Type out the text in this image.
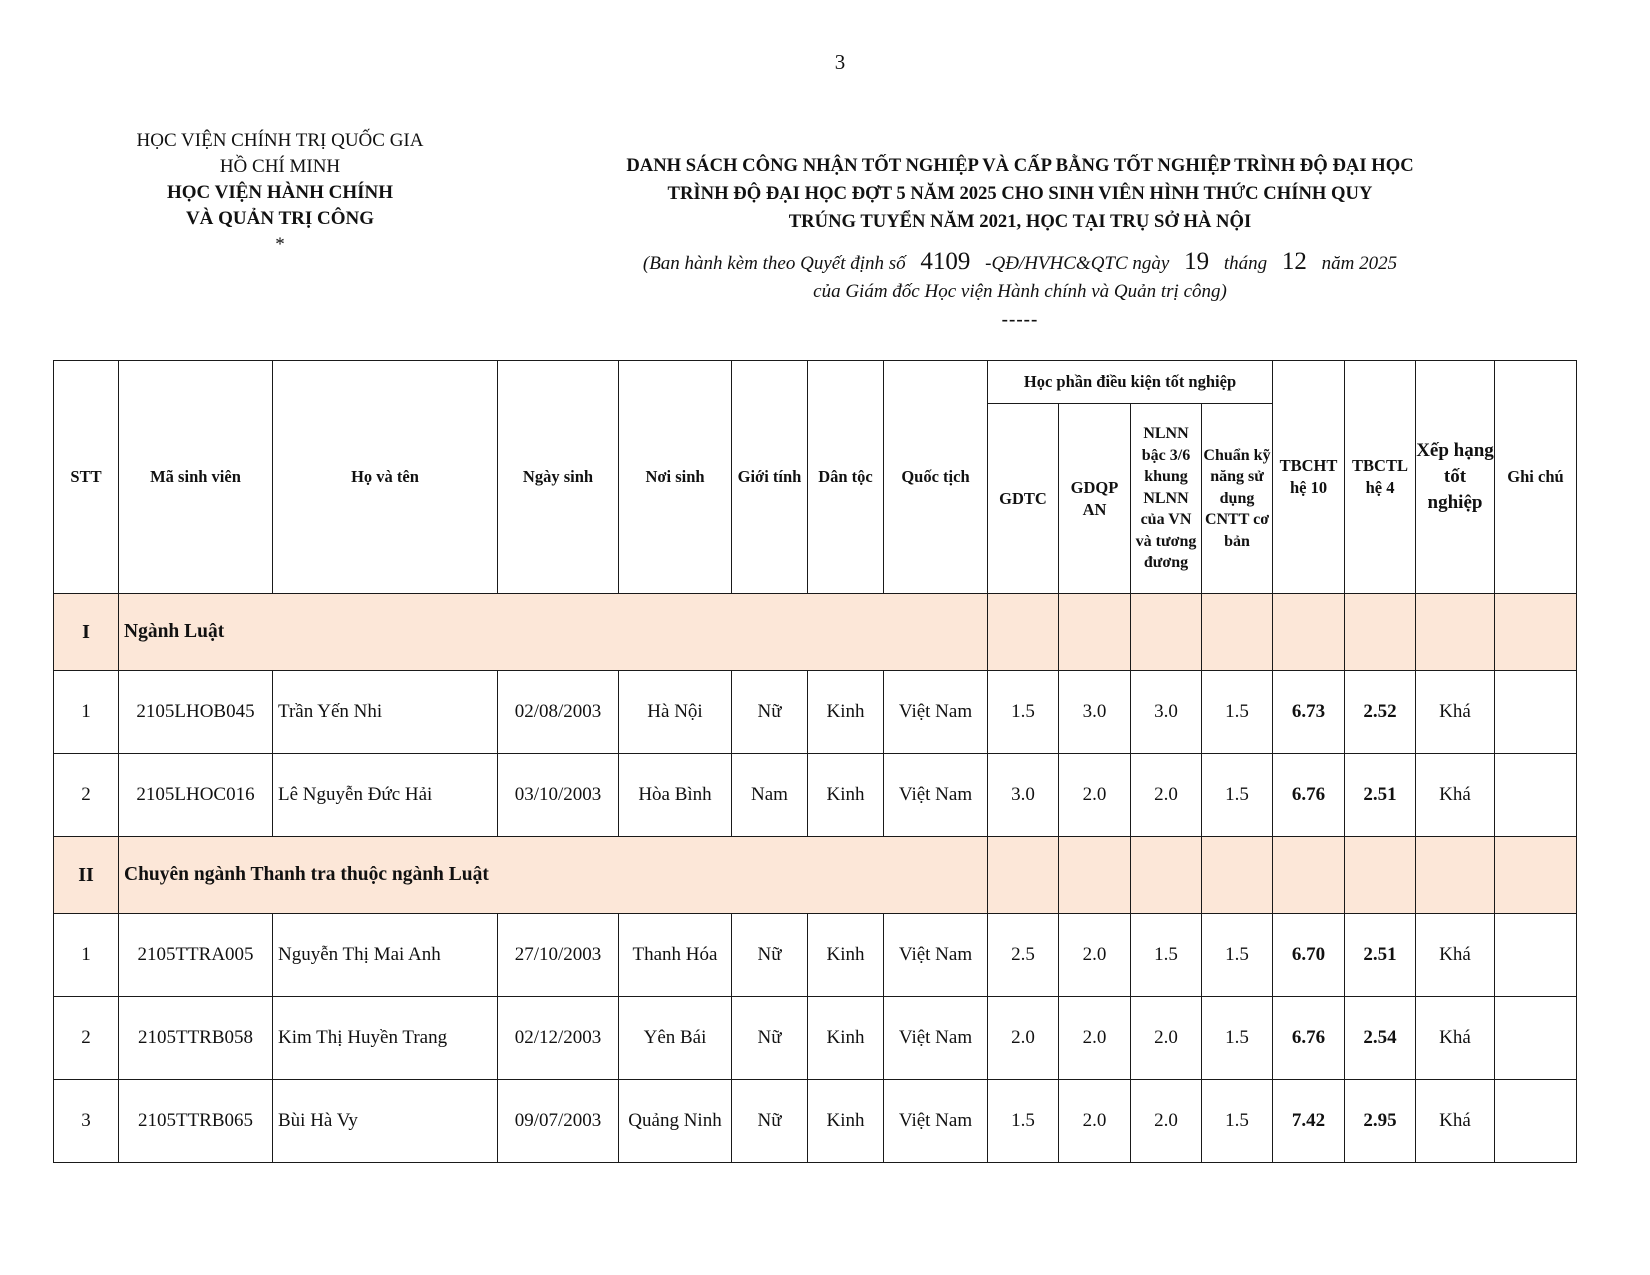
3
HỌC VIỆN CHÍNH TRỊ QUỐC GIA
HỒ CHÍ MINH
HỌC VIỆN HÀNH CHÍNH
VÀ QUẢN TRỊ CÔNG
*
DANH SÁCH CÔNG NHẬN TỐT NGHIỆP VÀ CẤP BẰNG TỐT NGHIỆP TRÌNH ĐỘ ĐẠI HỌC
TRÌNH ĐỘ ĐẠI HỌC ĐỢT 5 NĂM 2025 CHO SINH VIÊN HÌNH THỨC CHÍNH QUY
TRÚNG TUYỂN NĂM 2021, HỌC TẠI TRỤ SỞ HÀ NỘI
(Ban hành kèm theo Quyết định số 4109 -QĐ/HVHC&QTC ngày 19 tháng 12 năm 2025
của Giám đốc Học viện Hành chính và Quản trị công)
-----
STT	Mã sinh viên	Họ và tên	Ngày sinh	Nơi sinh	Giới tính	Dân tộc	Quốc tịch	Học phần điều kiện tốt nghiệp				TBCHT hệ 10	TBCTL hệ 4	Xếp hạng tốt nghiệp	Ghi chú
								GDTC	GDQP AN	NLNN bậc 3/6 khung NLNN của VN và tương đương	Chuẩn kỹ năng sử dụng CNTT cơ bản				
I	Ngành Luật														
1	2105LHOB045	Trần Yến Nhi	02/08/2003	Hà Nội	Nữ	Kinh	Việt Nam	1.5	3.0	3.0	1.5	6.73	2.52	Khá	
2	2105LHOC016	Lê Nguyễn Đức Hải	03/10/2003	Hòa Bình	Nam	Kinh	Việt Nam	3.0	2.0	2.0	1.5	6.76	2.51	Khá	
II	Chuyên ngành Thanh tra thuộc ngành Luật														
1	2105TTRA005	Nguyễn Thị Mai Anh	27/10/2003	Thanh Hóa	Nữ	Kinh	Việt Nam	2.5	2.0	1.5	1.5	6.70	2.51	Khá	
2	2105TTRB058	Kim Thị Huyền Trang	02/12/2003	Yên Bái	Nữ	Kinh	Việt Nam	2.0	2.0	2.0	1.5	6.76	2.54	Khá	
3	2105TTRB065	Bùi Hà Vy	09/07/2003	Quảng Ninh	Nữ	Kinh	Việt Nam	1.5	2.0	2.0	1.5	7.42	2.95	Khá	
